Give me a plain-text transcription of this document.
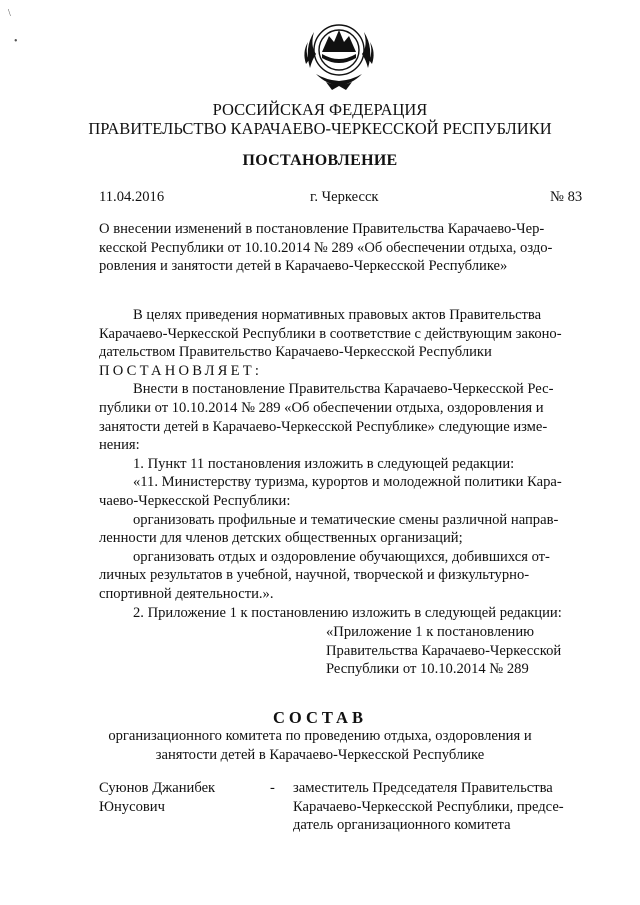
\
•
РОССИЙСКАЯ ФЕДЕРАЦИЯ
ПРАВИТЕЛЬСТВО КАРАЧАЕВО-ЧЕРКЕССКОЙ РЕСПУБЛИКИ
ПОСТАНОВЛЕНИЕ
11.04.2016	г. Черкесск	№ 83
О внесении изменений в постановление Правительства Карачаево-Чер-
кесской Республики от 10.10.2014 № 289 «Об обеспечении отдыха, оздо-
ровления и занятости детей в Карачаево-Черкесской Республике»
В целях приведения нормативных правовых актов Правительства
Карачаево-Черкесской Республики в соответствие с действующим законо-
дательством Правительство Карачаево-Черкесской Республики
ПОСТАНОВЛЯЕТ:
Внести в постановление Правительства Карачаево-Черкесской Рес-
публики от 10.10.2014 № 289 «Об обеспечении отдыха, оздоровления и
занятости детей в Карачаево-Черкесской Республике» следующие изме-
нения:
1. Пункт 11 постановления изложить в следующей редакции:
«11. Министерству туризма, курортов и молодежной политики Кара-
чаево-Черкесской Республики:
организовать профильные и тематические смены различной направ-
ленности для членов детских общественных организаций;
организовать отдых и оздоровление обучающихся, добившихся от-
личных результатов в учебной, научной, творческой и физкультурно-
спортивной деятельности.».
2. Приложение 1 к постановлению изложить в следующей редакции:
«Приложение 1 к постановлению
Правительства Карачаево-Черкесской
Республики от 10.10.2014 № 289
СОСТАВ
организационного комитета по проведению отдыха, оздоровления и
занятости детей в Карачаево-Черкесской Республике
Суюнов Джанибек
Юнусович
- заместитель Председателя Правительства
Карачаево-Черкесской Республики, предсе-
датель организационного комитета
